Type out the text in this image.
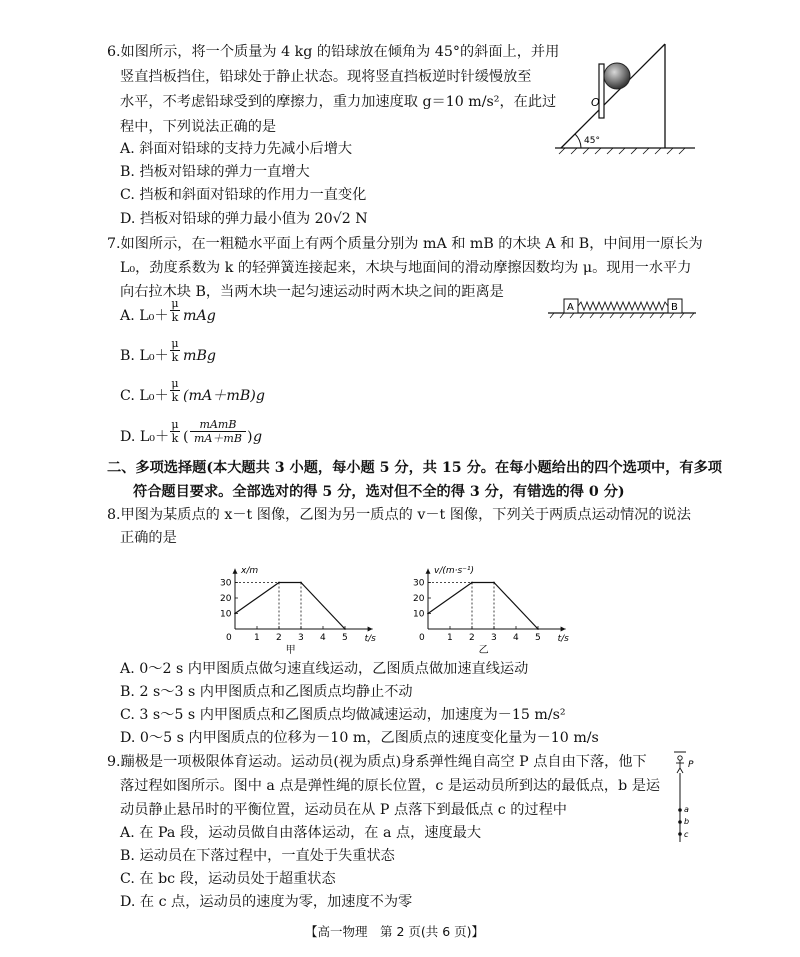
6.如图所示，将一个质量为 4 kg 的铅球放在倾角为 45°的斜面上，并用
竖直挡板挡住，铅球处于静止状态。现将竖直挡板逆时针缓慢放至
水平，不考虑铅球受到的摩擦力，重力加速度取 g＝10 m/s²，在此过
程中，下列说法正确的是
A. 斜面对铅球的支持力先减小后增大
B. 挡板对铅球的弹力一直增大
C. 挡板和斜面对铅球的作用力一直变化
D. 挡板对铅球的弹力最小值为 20√2 N
45°
O
7.如图所示，在一粗糙水平面上有两个质量分别为 mA 和 mB 的木块 A 和 B，中间用一原长为
L₀，劲度系数为 k 的轻弹簧连接起来，木块与地面间的滑动摩擦因数均为 μ。现用一水平力
向右拉木块 B，当两木块一起匀速运动时两木块之间的距离是
A	B
A. L₀＋
μ
k mAg
B. L₀＋
μ
k mBg
C. L₀＋
μ
k (mA＋mB)g
D. L₀＋
μ
k (
mAmB
mA＋mB ) g
二、多项选择题(本大题共 3 小题，每小题 5 分，共 15 分。在每小题给出的四个选项中，有多项
符合题目要求。全部选对的得 5 分，选对但不全的得 3 分，有错选的得 0 分)
8.甲图为某质点的 x－t 图像，乙图为另一质点的 v－t 图像，下列关于两质点运动情况的说法
正确的是
x/m
t/s
0 1 2 3 4 5
10
20
30
甲
v/(m·s⁻¹)
t/s
0 1 2 3 4 5
10
20
30
乙
A. 0～2 s 内甲图质点做匀速直线运动，乙图质点做加速直线运动
B. 2 s～3 s 内甲图质点和乙图质点均静止不动
C. 3 s～5 s 内甲图质点和乙图质点均做减速运动，加速度为－15 m/s²
D. 0～5 s 内甲图质点的位移为－10 m，乙图质点的速度变化量为－10 m/s
9.蹦极是一项极限体育运动。运动员(视为质点)身系弹性绳自高空 P 点自由下落，他下
落过程如图所示。图中 a 点是弹性绳的原长位置，c 是运动员所到达的最低点，b 是运
动员静止悬吊时的平衡位置，运动员在从 P 点落下到最低点 c 的过程中
A. 在 Pa 段，运动员做自由落体运动，在 a 点，速度最大
B. 运动员在下落过程中，一直处于失重状态
C. 在 bc 段，运动员处于超重状态
D. 在 c 点，运动员的速度为零，加速度不为零
P
a
b
c
【高一物理　第 2 页(共 6 页)】
